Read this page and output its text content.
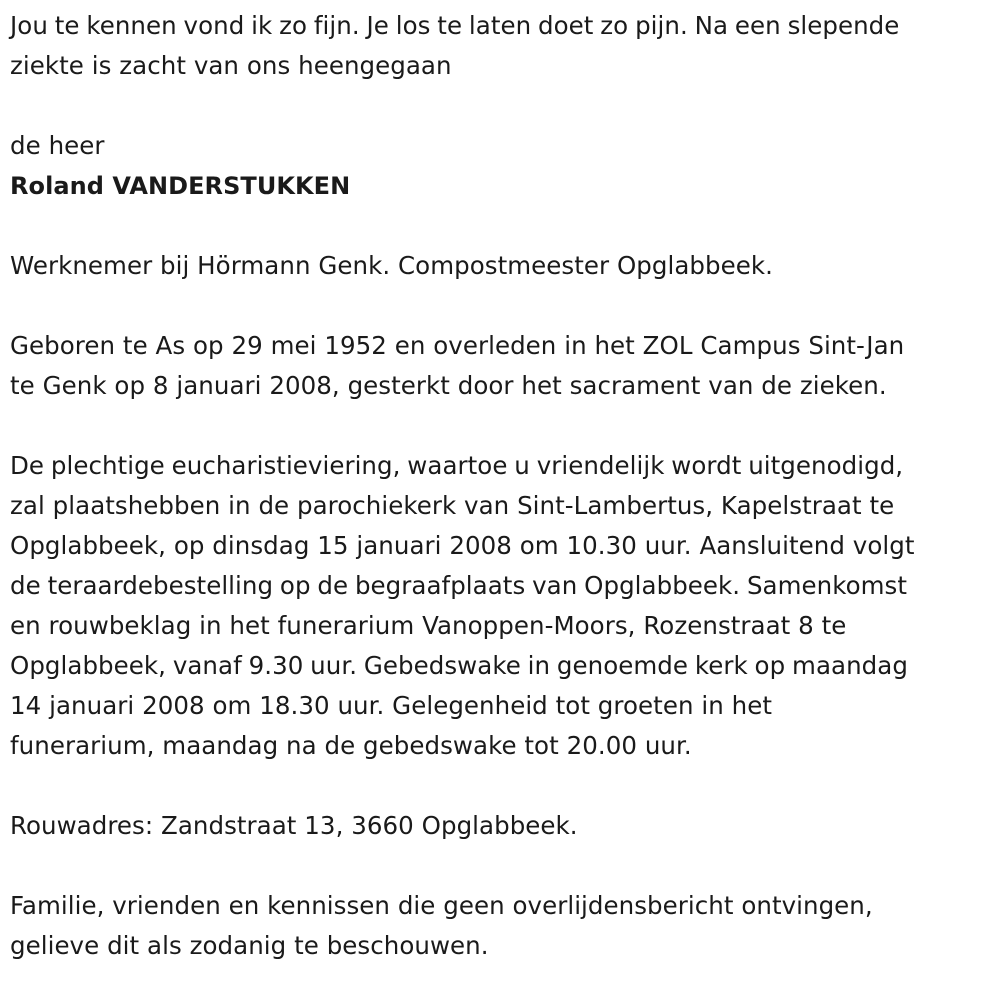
Jou te kennen vond ik zo fijn. Je los te laten doet zo pijn. Na een slepende

ziekte is zacht van ons heengegaan

de heer

Roland VANDERSTUKKEN

Werknemer bij Hörmann Genk. Compostmeester Opglabbeek.

Geboren te As op 29 mei 1952 en overleden in het ZOL Campus Sint-Jan

te Genk op 8 januari 2008, gesterkt door het sacrament van de zieken.

De plechtige eucharistieviering, waartoe u vriendelijk wordt uitgenodigd,

zal plaatshebben in de parochiekerk van Sint-Lambertus, Kapelstraat te

Opglabbeek, op dinsdag 15 januari 2008 om 10.30 uur. Aansluitend volgt

de teraardebestelling op de begraafplaats van Opglabbeek. Samenkomst

en rouwbeklag in het funerarium Vanoppen-Moors, Rozenstraat 8 te

Opglabbeek, vanaf 9.30 uur. Gebedswake in genoemde kerk op maandag

14 januari 2008 om 18.30 uur. Gelegenheid tot groeten in het

funerarium, maandag na de gebedswake tot 20.00 uur.

Rouwadres: Zandstraat 13, 3660 Opglabbeek.

Familie, vrienden en kennissen die geen overlijdensbericht ontvingen,

gelieve dit als zodanig te beschouwen.
